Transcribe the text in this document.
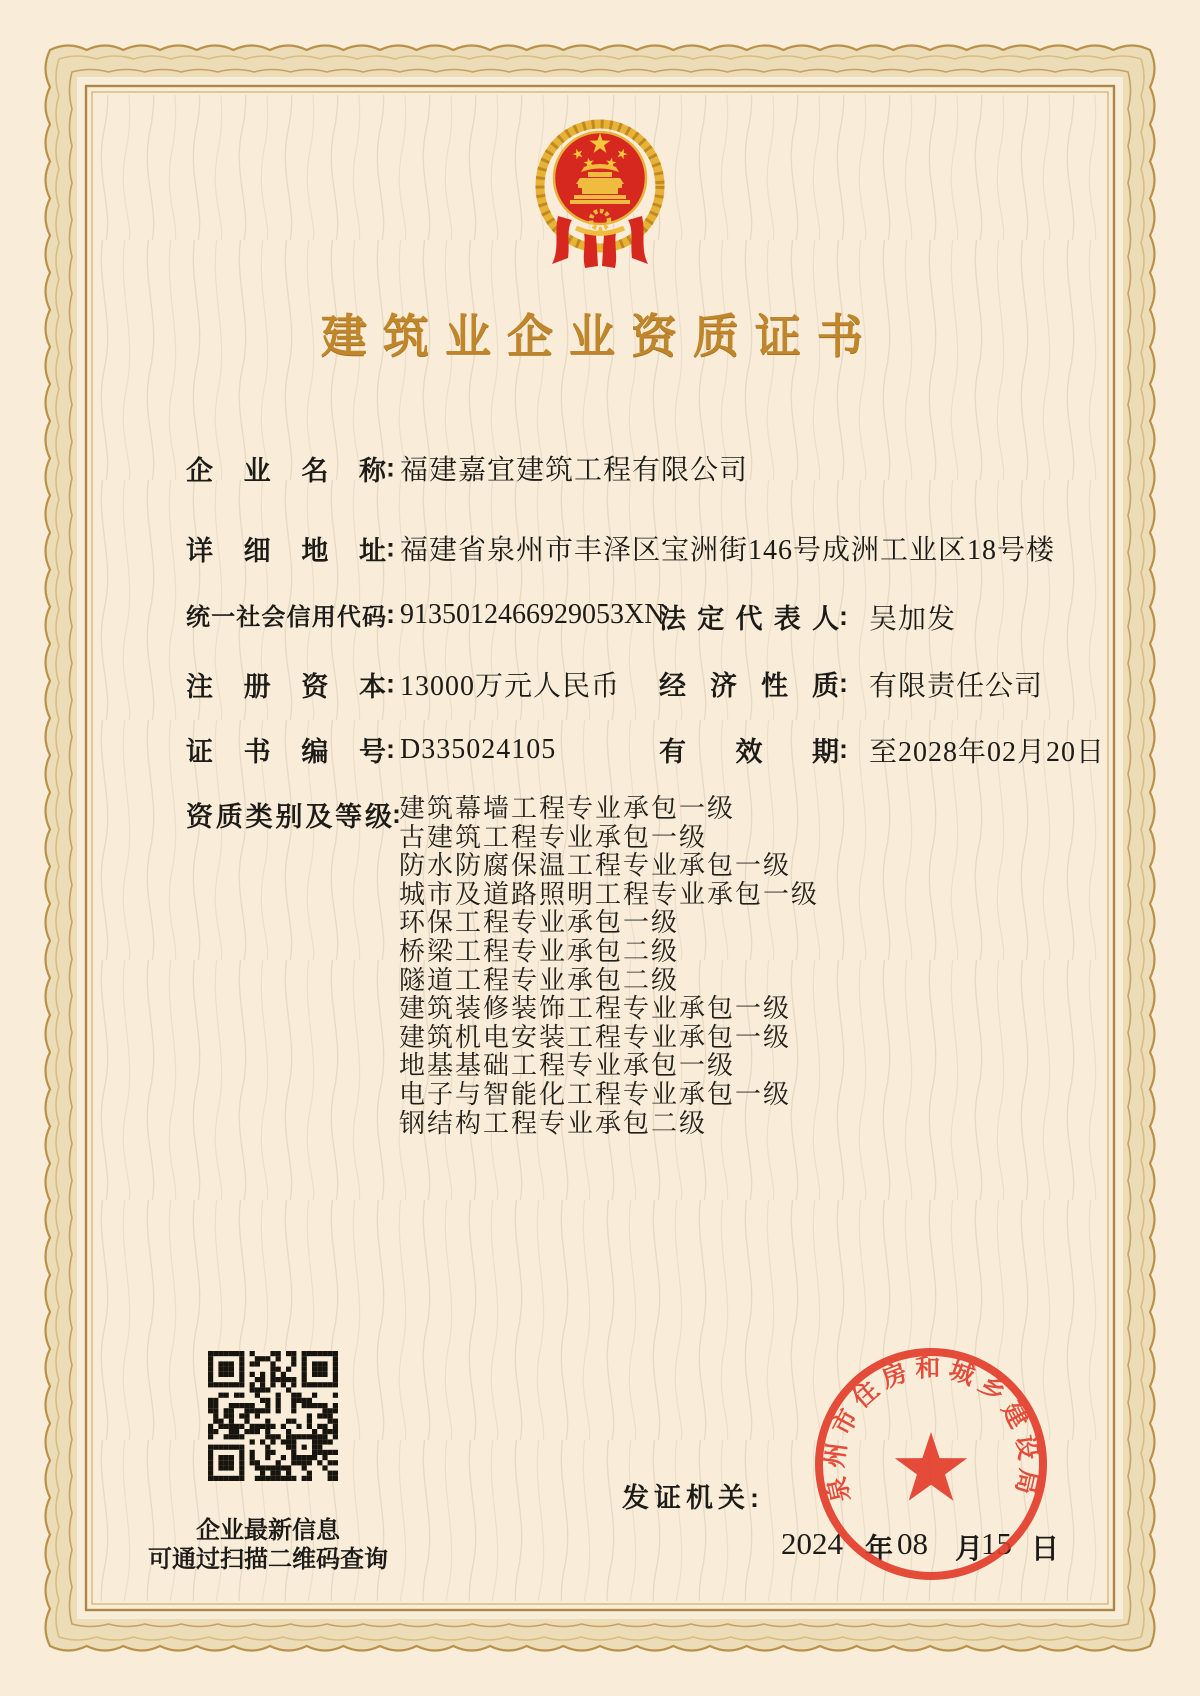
建筑业企业资质证书
企业名称: 福建嘉宜建筑工程有限公司
详细地址: 福建省泉州市丰泽区宝洲街146号成洲工业区18号楼
统一社会信用代码: 9135012466929053XN
法定代表人: 吴加发
注册资本: 13000万元人民币 经济性质: 有限责任公司
证书编号: D335024105	有效期: 至2028年02月20日
资质类别及等级:
建筑幕墙工程专业承包一级
古建筑工程专业承包一级
防水防腐保温工程专业承包一级
城市及道路照明工程专业承包一级
环保工程专业承包一级
桥梁工程专业承包二级
隧道工程专业承包二级
建筑装修装饰工程专业承包一级
建筑机电安装工程专业承包一级
地基基础工程专业承包一级
电子与智能化工程专业承包一级
钢结构工程专业承包二级
企业最新信息
可通过扫描二维码查询
发证机关:
2024 年 08 月
15 日
泉州市住房和城乡建设局
